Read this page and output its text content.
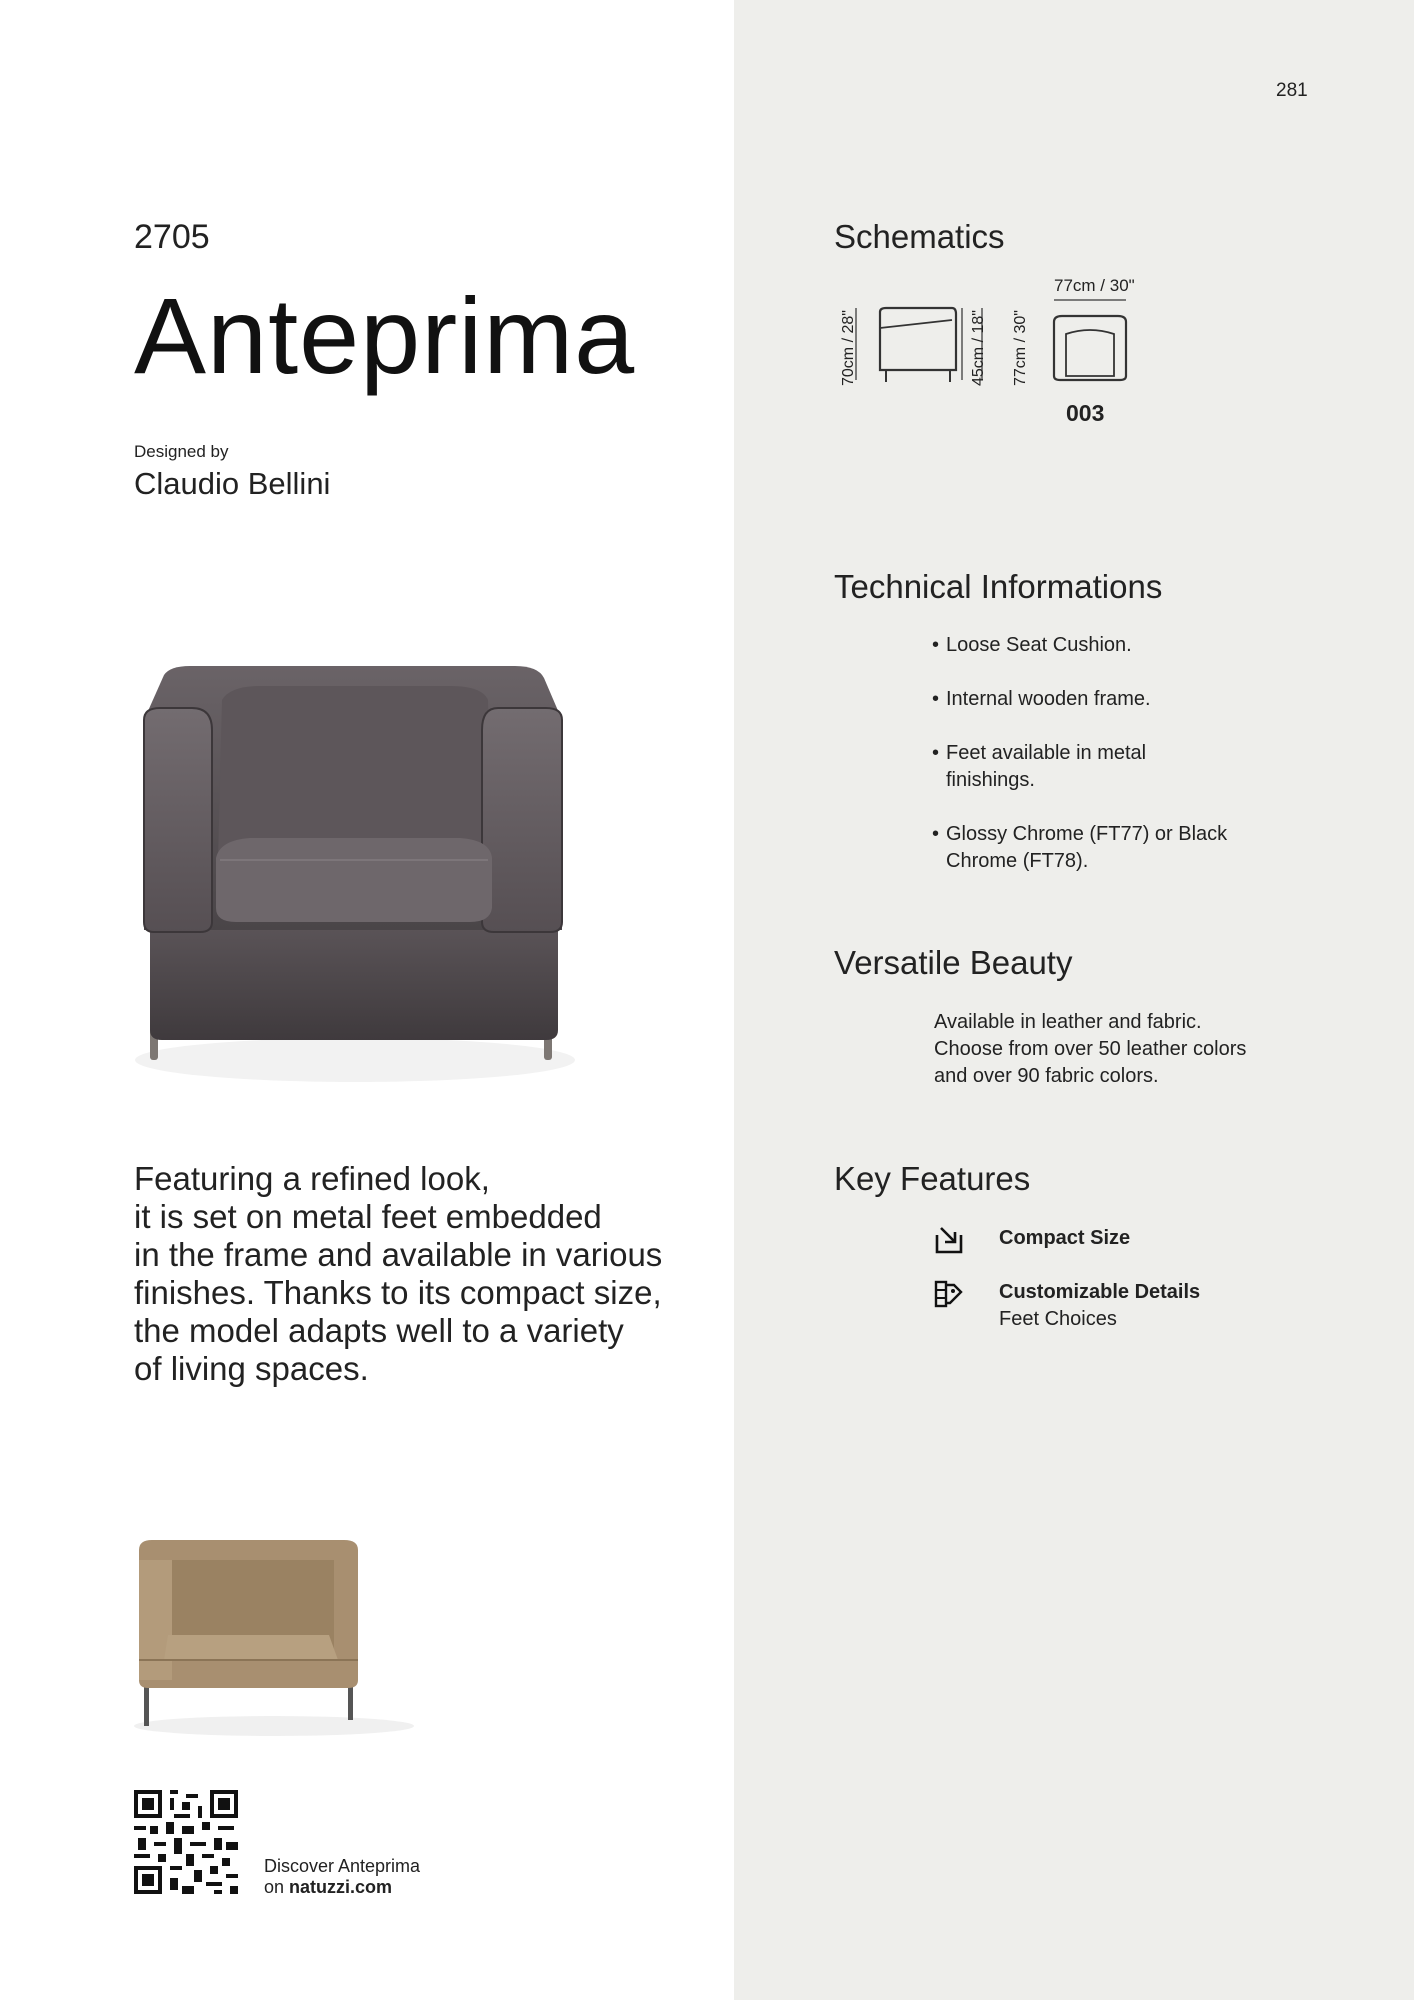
281
2705
Anteprima
Designed by
Claudio Bellini
Featuring a refined look,
it is set on metal feet embedded
in the frame and available in various
finishes. Thanks to its compact size,
the model adapts well to a variety
of living spaces.
Discover Anteprima
on natuzzi.com
Schematics
70cm / 28"	45cm / 18" 77cm / 30"
77cm / 30"
003
Technical Informations
• Loose Seat Cushion.
• Internal wooden frame.
• Feet available in metal
finishings.
• Glossy Chrome (FT77) or Black
Chrome (FT78).
Versatile Beauty
Available in leather and fabric.
Choose from over 50 leather colors
and over 90 fabric colors.
Key Features
Compact Size
Customizable Details
Feet Choices
